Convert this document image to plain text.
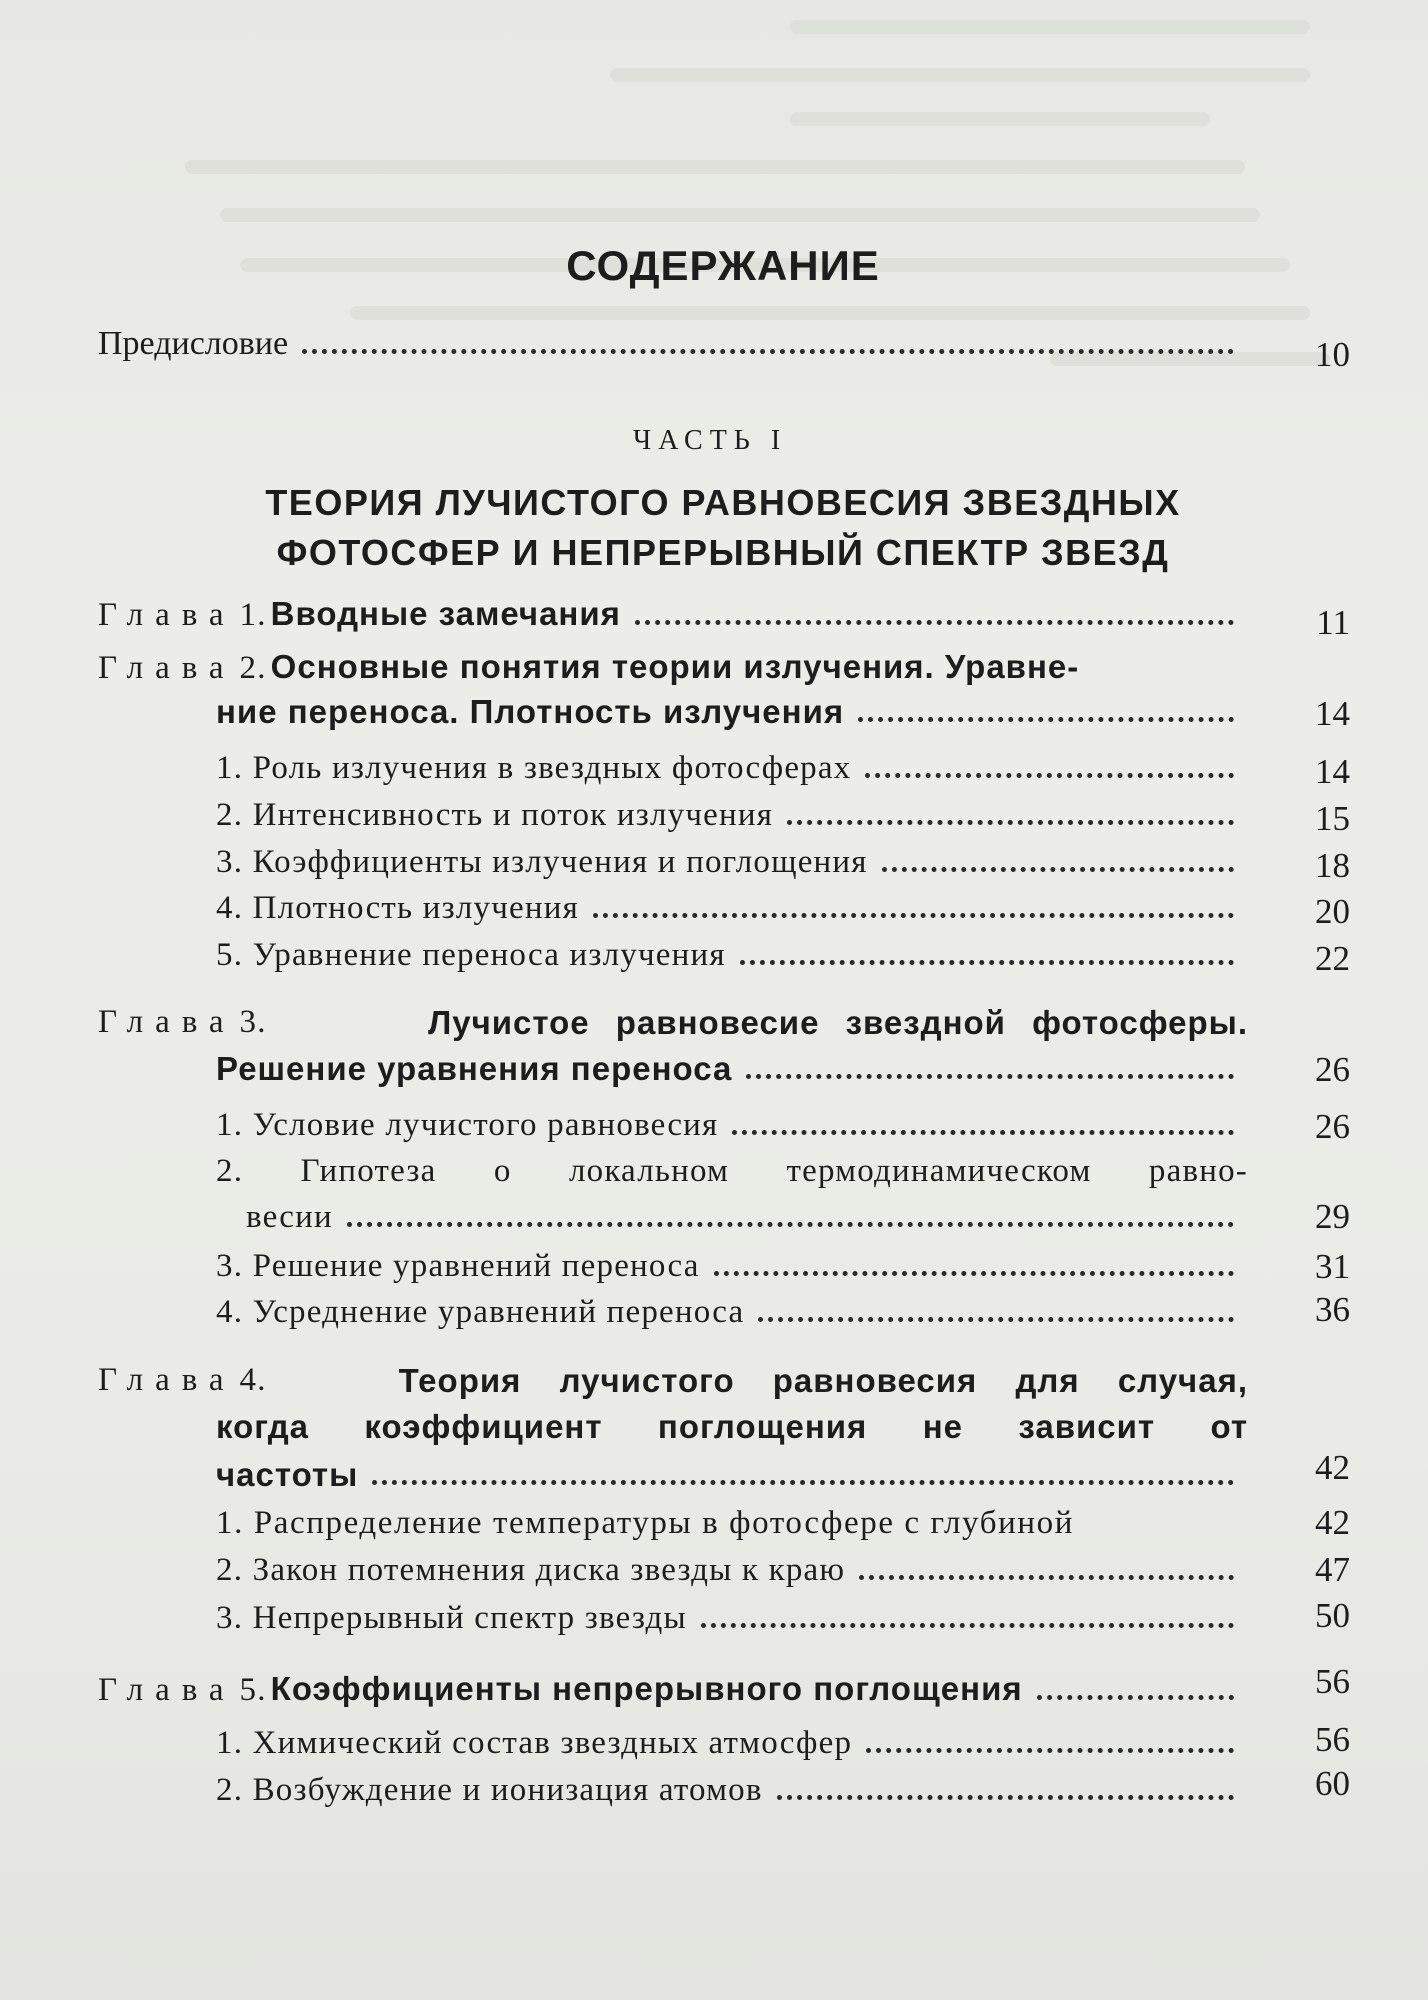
СОДЕРЖАНИЕ
Предисловие	10
ЧАСТЬ I
ТЕОРИЯ ЛУЧИСТОГО РАВНОВЕСИЯ ЗВЕЗДНЫХ
ФОТОСФЕР И НЕПРЕРЫВНЫЙ СПЕКТР ЗВЕЗД
Глава 1. Вводные замечания	11
Глава 2. Основные понятия теории излучения. Уравне-
ние переноса. Плотность излучения	14
1. Роль излучения в звездных фотосферах	14
2. Интенсивность и поток излучения	15
3. Коэффициенты излучения и поглощения	18
4. Плотность излучения	20
5. Уравнение переноса излучения	22
Глава 3.	Лучистое равновесие звездной фотосферы.
Решение уравнения переноса	26
1. Условие лучистого равновесия	26
2. Гипотеза о локальном термодинамическом равно-
весии	29
3. Решение уравнений переноса	31
4. Усреднение уравнений переноса	36
Глава 4.	Теория лучистого равновесия для случая,
когда коэффициент поглощения не зависит от
частоты	42
1. Распределение температуры в фотосфере с глубиной	42
2. Закон потемнения диска звезды к краю	47
3. Непрерывный спектр звезды	50
Глава 5. Коэффициенты непрерывного поглощения	56
1. Химический состав звездных атмосфер	56
2. Возбуждение и ионизация атомов	60
